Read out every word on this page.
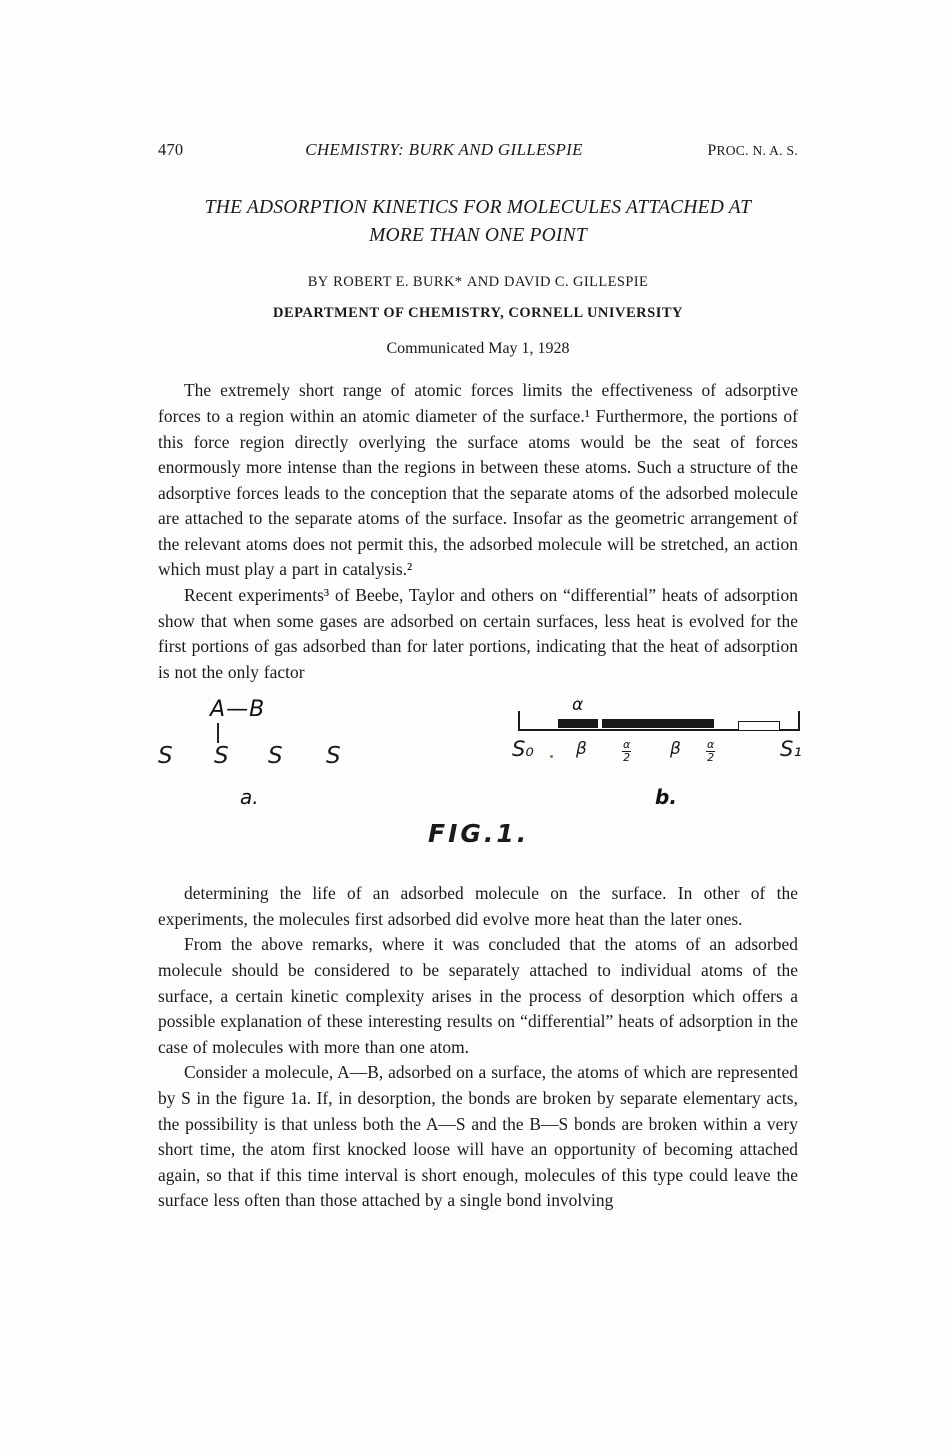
470	CHEMISTRY: BURK AND GILLESPIE	PROC. N. A. S.
THE ADSORPTION KINETICS FOR MOLECULES ATTACHED AT
MORE THAN ONE POINT
BY ROBERT E. BURK* AND DAVID C. GILLESPIE
DEPARTMENT OF CHEMISTRY, CORNELL UNIVERSITY
Communicated May 1, 1928

The extremely short range of atomic forces limits the effectiveness of adsorptive forces to a region within an atomic diameter of the surface.¹ Furthermore, the portions of this force region directly overlying the surface atoms would be the seat of forces enormously more intense than the regions in between these atoms. Such a structure of the adsorptive forces leads to the conception that the separate atoms of the adsorbed molecule are attached to the separate atoms of the surface. Insofar as the geometric arrangement of the relevant atoms does not permit this, the adsorbed molecule will be stretched, an action which must play a part in catalysis.²

Recent experiments³ of Beebe, Taylor and others on “differential” heats of adsorption show that when some gases are adsorbed on certain surfaces, less heat is evolved for the first portions of gas adsorbed than for later portions, indicating that the heat of adsorption is not the only factor

A—B
S S S S
a.
α
S₀	S₁
β	β
$\frac{\alpha}{2}$	$\frac{\alpha}{2}$
b.
FIG.1.

determining the life of an adsorbed molecule on the surface. In other of the experiments, the molecules first adsorbed did evolve more heat than the later ones.

From the above remarks, where it was concluded that the atoms of an adsorbed molecule should be considered to be separately attached to individual atoms of the surface, a certain kinetic complexity arises in the process of desorption which offers a possible explanation of these interesting results on “differential” heats of adsorption in the case of molecules with more than one atom.

Consider a molecule, A—B, adsorbed on a surface, the atoms of which are represented by S in the figure 1a. If, in desorption, the bonds are broken by separate elementary acts, the possibility is that unless both the A—S and the B—S bonds are broken within a very short time, the atom first knocked loose will have an opportunity of becoming attached again, so that if this time interval is short enough, molecules of this type could leave the surface less often than those attached by a single bond involving
